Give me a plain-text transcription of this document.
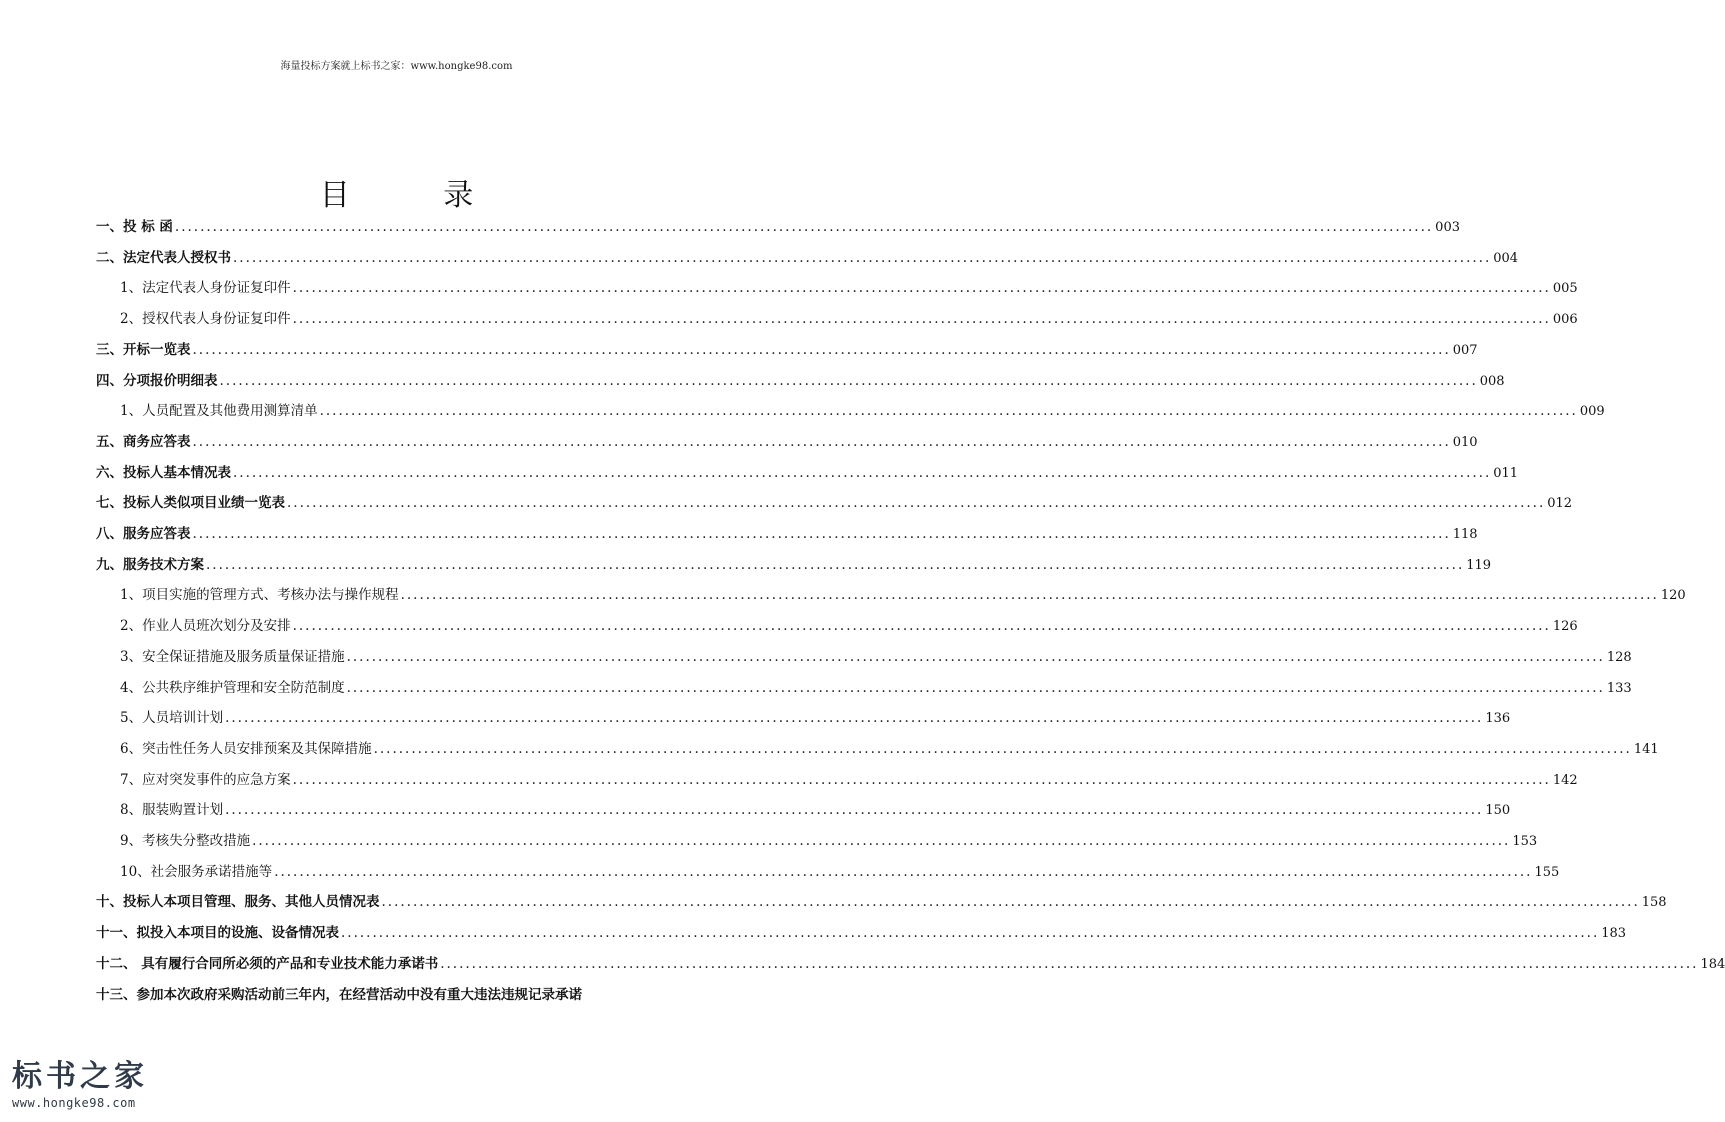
海量投标方案就上标书之家：www.hongke98.com
目 录
一、投 标 函 ........................................................................................................................................................................................................ 003
二、法定代表人授权书 ........................................................................................................................................................................................................ 004
1、法定代表人身份证复印件 ........................................................................................................................................................................................................ 005
2、授权代表人身份证复印件 ........................................................................................................................................................................................................ 006
三、开标一览表 ........................................................................................................................................................................................................ 007
四、分项报价明细表 ........................................................................................................................................................................................................ 008
1、人员配置及其他费用测算清单 ........................................................................................................................................................................................................ 009
五、商务应答表 ........................................................................................................................................................................................................ 010
六、投标人基本情况表 ........................................................................................................................................................................................................ 011
七、投标人类似项目业绩一览表 ........................................................................................................................................................................................................ 012
八、服务应答表 ........................................................................................................................................................................................................ 118
九、服务技术方案 ........................................................................................................................................................................................................ 119
1、项目实施的管理方式、考核办法与操作规程 ........................................................................................................................................................................................................ 120
2、作业人员班次划分及安排 ........................................................................................................................................................................................................ 126
3、安全保证措施及服务质量保证措施 ........................................................................................................................................................................................................ 128
4、公共秩序维护管理和安全防范制度 ........................................................................................................................................................................................................ 133
5、人员培训计划 ........................................................................................................................................................................................................ 136
6、突击性任务人员安排预案及其保障措施 ........................................................................................................................................................................................................ 141
7、应对突发事件的应急方案 ........................................................................................................................................................................................................ 142
8、服装购置计划 ........................................................................................................................................................................................................ 150
9、考核失分整改措施 ........................................................................................................................................................................................................ 153
10、社会服务承诺措施等 ........................................................................................................................................................................................................ 155
十、投标人本项目管理、服务、其他人员情况表 ........................................................................................................................................................................................................ 158
十一、拟投入本项目的设施、设备情况表 ........................................................................................................................................................................................................ 183
十二、 具有履行合同所必须的产品和专业技术能力承诺书 ........................................................................................................................................................................................................ 184
十三、参加本次政府采购活动前三年内，在经营活动中没有重大违法违规记录承诺
标书之家
www.hongke98.com
